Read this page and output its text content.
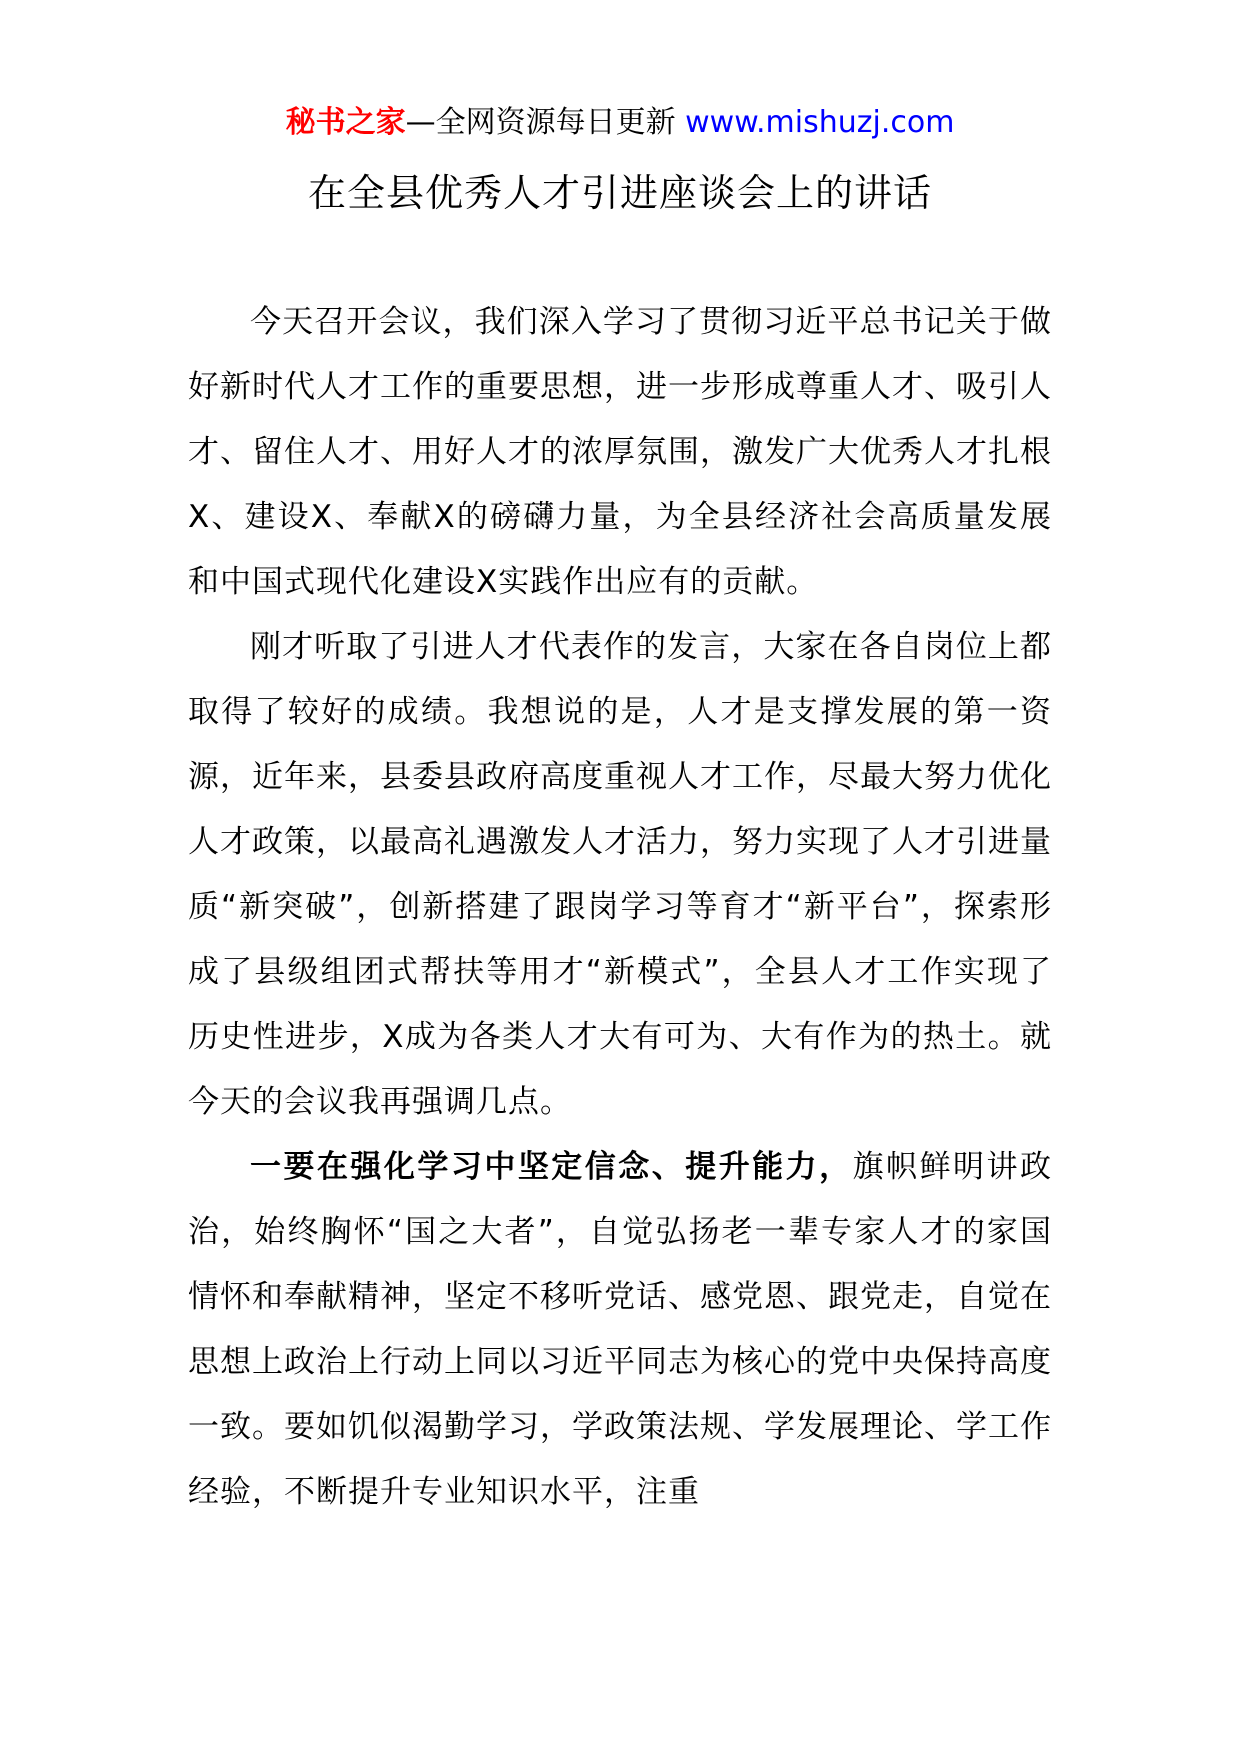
秘书之家—全网资源每日更新 www.mishuzj.com
在全县优秀人才引进座谈会上的讲话

今天召开会议，我们深入学习了贯彻习近平总书记关于做好新时代人才工作的重要思想，进一步形成尊重人才、吸引人才、留住人才、用好人才的浓厚氛围，激发广大优秀人才扎根X、建设X、奉献X的磅礴力量，为全县经济社会高质量发展和中国式现代化建设X实践作出应有的贡献。

刚才听取了引进人才代表作的发言，大家在各自岗位上都取得了较好的成绩。我想说的是，人才是支撑发展的第一资源，近年来，县委县政府高度重视人才工作，尽最大努力优化人才政策，以最高礼遇激发人才活力，努力实现了人才引进量质“新突破”，创新搭建了跟岗学习等育才“新平台”，探索形成了县级组团式帮扶等用才“新模式”，全县人才工作实现了历史性进步，X成为各类人才大有可为、大有作为的热土。就今天的会议我再强调几点。

一要在强化学习中坚定信念、提升能力，旗帜鲜明讲政治，始终胸怀“国之大者”，自觉弘扬老一辈专家人才的家国情怀和奉献精神，坚定不移听党话、感党恩、跟党走，自觉在思想上政治上行动上同以习近平同志为核心的党中央保持高度一致。要如饥似渴勤学习，学政策法规、学发展理论、学工作经验，不断提升专业知识水平，注重
